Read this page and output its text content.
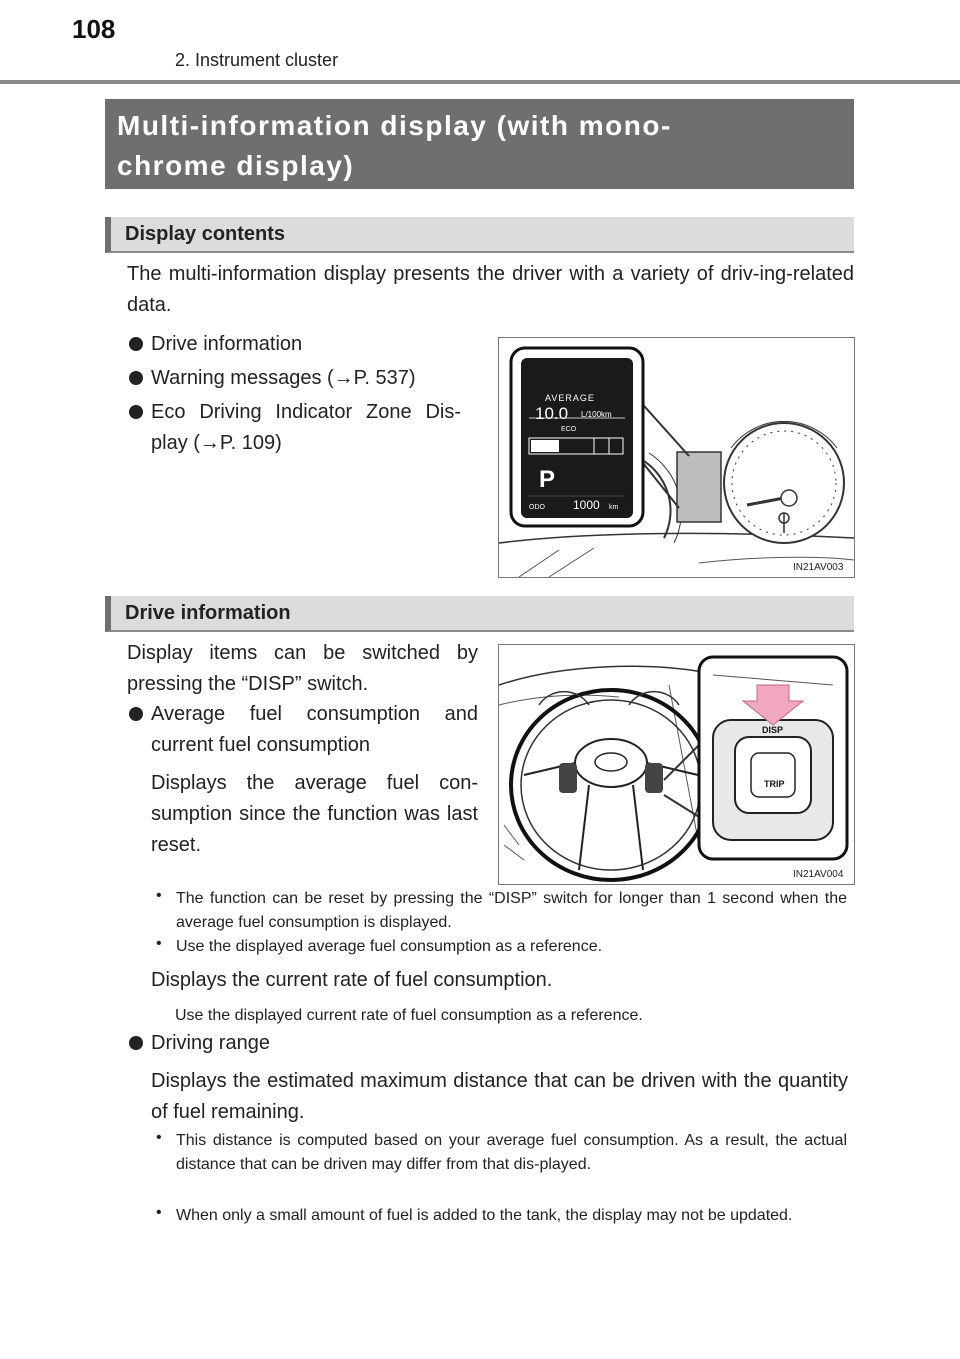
108
2. Instrument cluster
Multi-information display (with mono-
chrome display)
Display contents
The multi-information display presents the driver with a variety of driv-ing-related data.
Drive information
Warning messages (→P. 537)
Eco Driving Indicator Zone Dis-play (→P. 109)
AVERAGE
10.0 L/100km
ECO
P
ODO 1000 km
IN21AV003
Drive information
Display items can be switched by pressing the “DISP” switch.
Average fuel consumption and current fuel consumption
Displays the average fuel con-sumption since the function was last reset.
DISP
TRIP
IN21AV004
• The function can be reset by pressing the “DISP” switch for longer than 1 second when the average fuel consumption is displayed.
• Use the displayed average fuel consumption as a reference.
Displays the current rate of fuel consumption.
Use the displayed current rate of fuel consumption as a reference.
Driving range
Displays the estimated maximum distance that can be driven with the quantity of fuel remaining.
• This distance is computed based on your average fuel consumption. As a result, the actual distance that can be driven may differ from that dis-played.
• When only a small amount of fuel is added to the tank, the display may not be updated.
